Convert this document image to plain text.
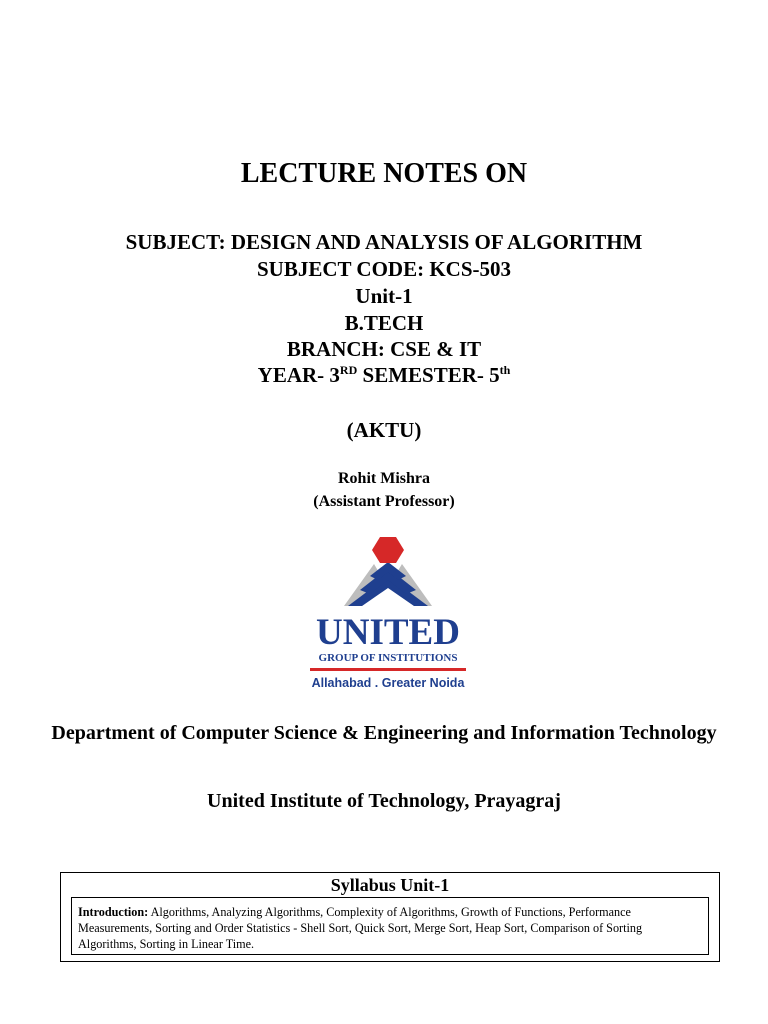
LECTURE NOTES ON
SUBJECT: DESIGN AND ANALYSIS OF ALGORITHM
SUBJECT CODE: KCS-503
Unit-1
B.TECH
BRANCH: CSE & IT
YEAR- 3RD SEMESTER- 5th
(AKTU)
Rohit Mishra
(Assistant Professor)
UNITED
GROUP OF INSTITUTIONS
Allahabad . Greater Noida
Department of Computer Science & Engineering and Information Technology
United Institute of Technology, Prayagraj
Syllabus Unit-1
Introduction: Algorithms, Analyzing Algorithms, Complexity of Algorithms, Growth of Functions, Performance Measurements, Sorting and Order Statistics - Shell Sort, Quick Sort, Merge Sort, Heap Sort, Comparison of Sorting Algorithms, Sorting in Linear Time.
